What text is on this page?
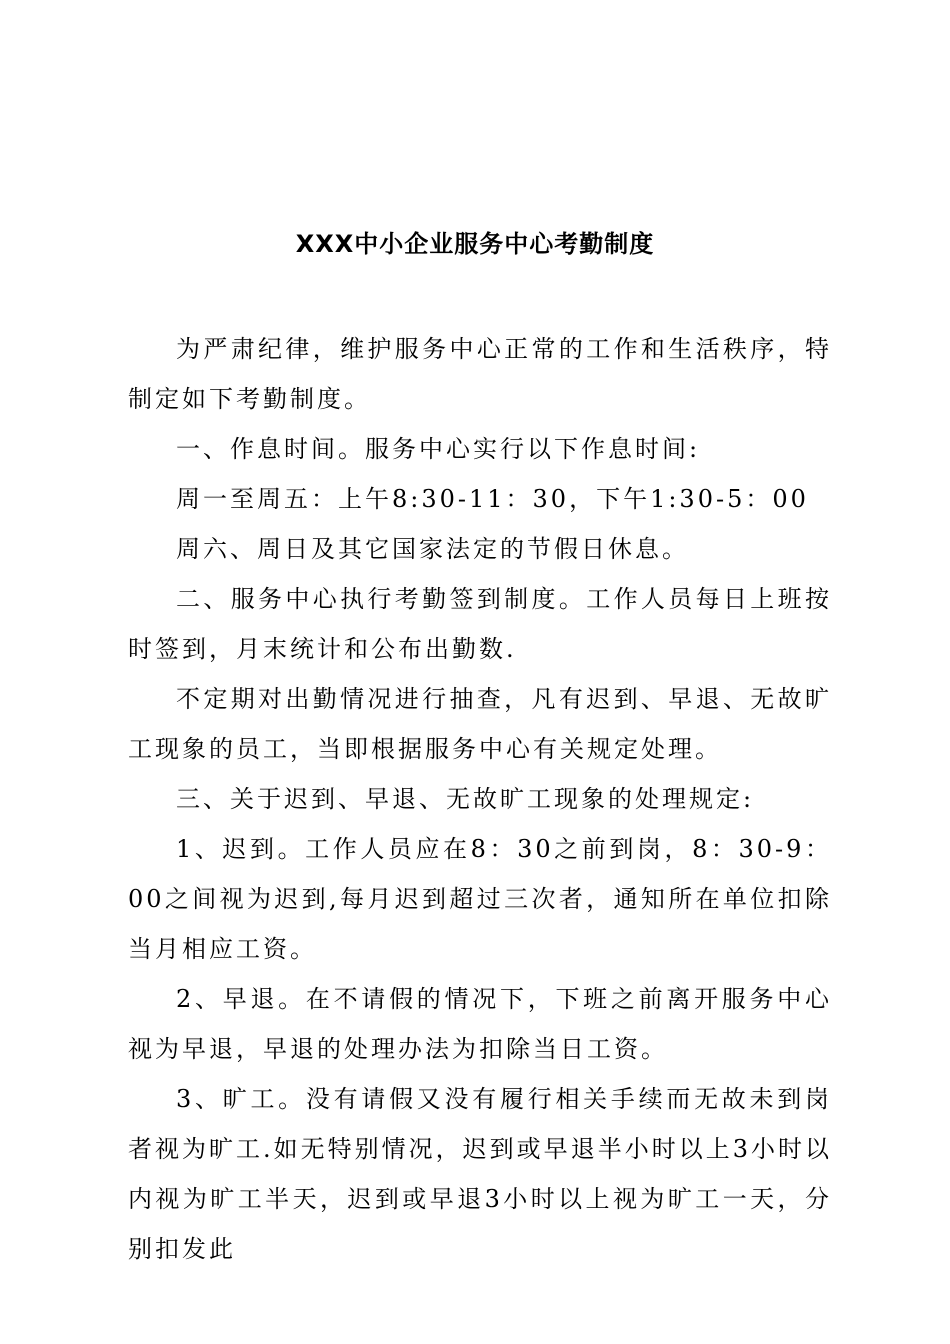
XXX中小企业服务中心考勤制度

为严肃纪律，维护服务中心正常的工作和生活秩序，特制定如下考勤制度。

一、作息时间。服务中心实行以下作息时间:

周一至周五：上午8:30-11：30，下午1:30-5：00

周六、周日及其它国家法定的节假日休息。

二、服务中心执行考勤签到制度。工作人员每日上班按时签到，月末统计和公布出勤数.

不定期对出勤情况进行抽查，凡有迟到、早退、无故旷工现象的员工，当即根据服务中心有关规定处理。

三、关于迟到、早退、无故旷工现象的处理规定:

1、迟到。工作人员应在8：30之前到岗，8：30-9：00之间视为迟到,每月迟到超过三次者，通知所在单位扣除当月相应工资。

2、早退。在不请假的情况下，下班之前离开服务中心视为早退，早退的处理办法为扣除当日工资。

3、旷工。没有请假又没有履行相关手续而无故未到岗者视为旷工.如无特别情况，迟到或早退半小时以上3小时以内视为旷工半天，迟到或早退3小时以上视为旷工一天，分别扣发此
